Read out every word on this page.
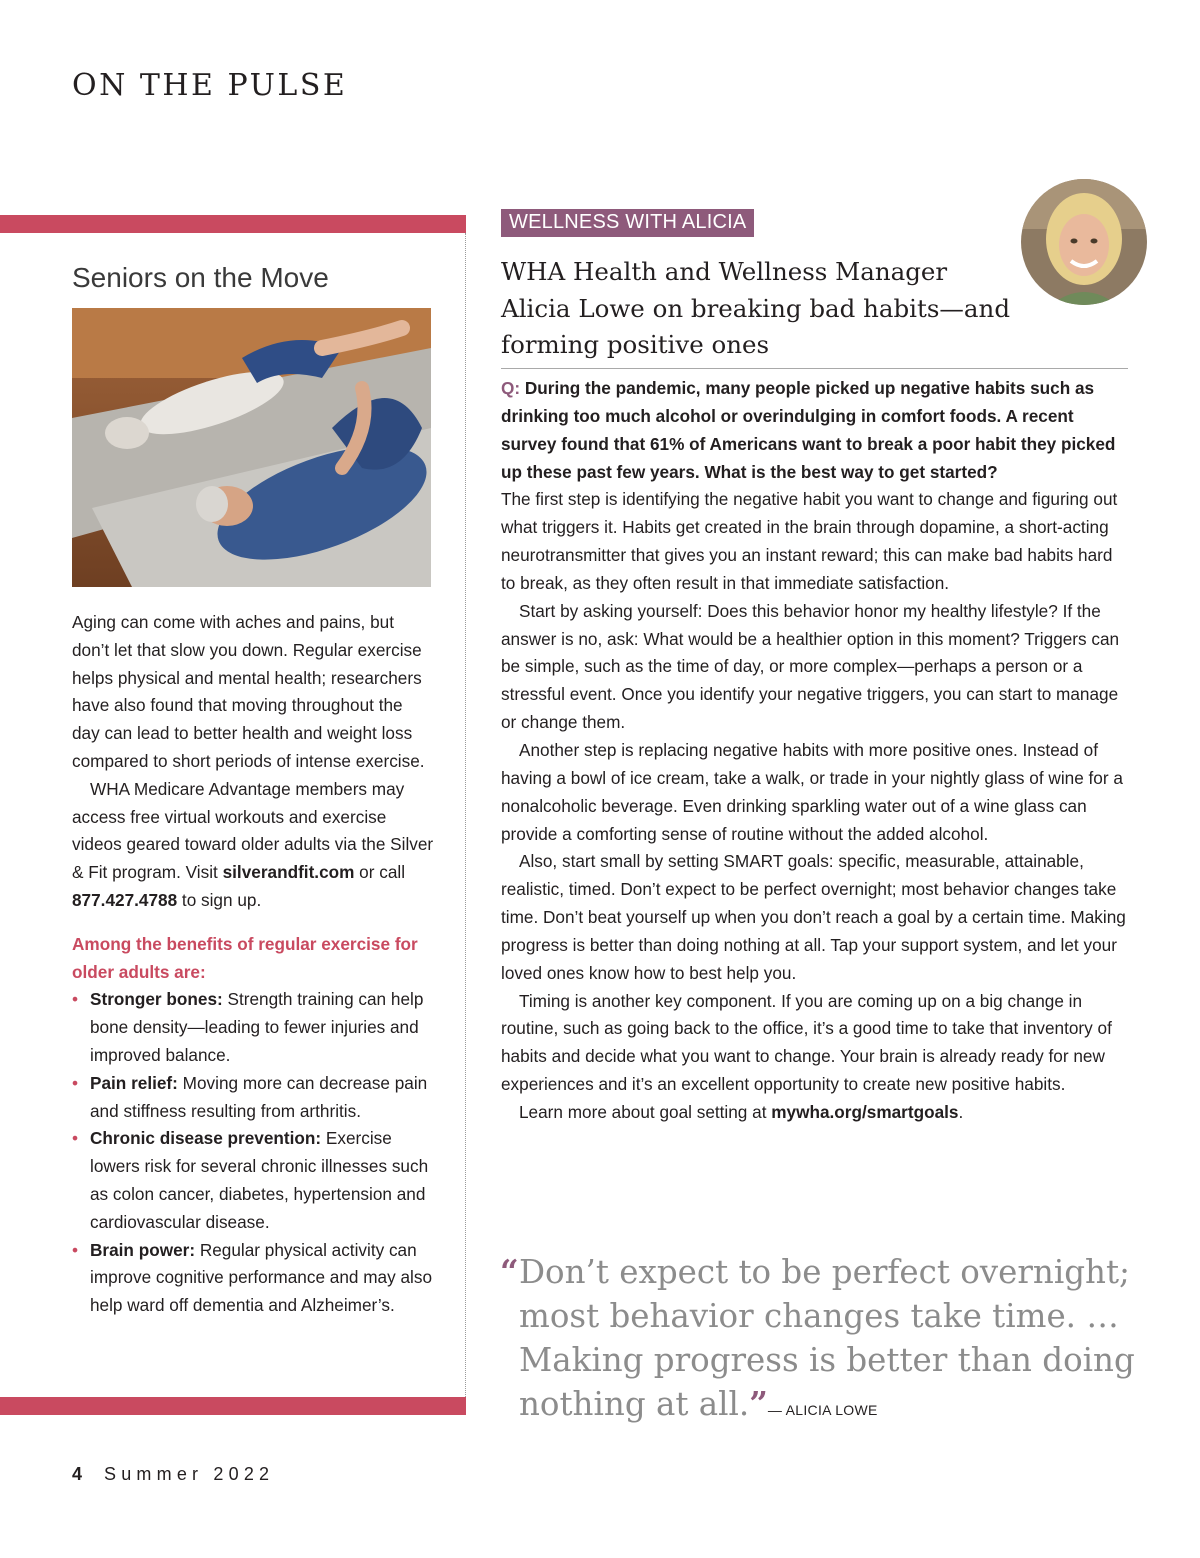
ON THE PULSE
Seniors on the Move

Aging can come with aches and pains, but don’t let that slow you down. Regular exercise helps physical and mental health; researchers have also found that moving throughout the day can lead to better health and weight loss compared to short periods of intense exercise.

WHA Medicare Advantage members may access free virtual workouts and exercise videos geared toward older adults via the Silver & Fit program. Visit silverandfit.com or call 877.427.4788 to sign up.

Among the benefits of regular exercise for older adults are:
• Stronger bones: Strength training can help bone density—leading to fewer injuries and improved balance.
• Pain relief: Moving more can decrease pain and stiffness resulting from arthritis.
• Chronic disease prevention: Exercise lowers risk for several chronic illnesses such as colon cancer, diabetes, hypertension and cardiovascular disease.
• Brain power: Regular physical activity can improve cognitive performance and may also help ward off dementia and Alzheimer’s.
WELLNESS WITH ALICIA
WHA Health and Wellness Manager Alicia Lowe on breaking bad habits—and forming positive ones

Q: During the pandemic, many people picked up negative habits such as drinking too much alcohol or overindulging in comfort foods. A recent survey found that 61% of Americans want to break a poor habit they picked up these past few years. What is the best way to get started?

The first step is identifying the negative habit you want to change and figuring out what triggers it. Habits get created in the brain through dopamine, a short-acting neurotransmitter that gives you an instant reward; this can make bad habits hard to break, as they often result in that immediate satisfaction.

Start by asking yourself: Does this behavior honor my healthy lifestyle? If the answer is no, ask: What would be a healthier option in this moment? Triggers can be simple, such as the time of day, or more complex—perhaps a person or a stressful event. Once you identify your negative triggers, you can start to manage or change them.

Another step is replacing negative habits with more positive ones. Instead of having a bowl of ice cream, take a walk, or trade in your nightly glass of wine for a nonalcoholic beverage. Even drinking sparkling water out of a wine glass can provide a comforting sense of routine without the added alcohol.

Also, start small by setting SMART goals: specific, measurable, attainable, realistic, timed. Don’t expect to be perfect overnight; most behavior changes take time. Don’t beat yourself up when you don’t reach a goal by a certain time. Making progress is better than doing nothing at all. Tap your support system, and let your loved ones know how to best help you.

Timing is another key component. If you are coming up on a big change in routine, such as going back to the office, it’s a good time to take that inventory of habits and decide what you want to change. Your brain is already ready for new experiences and it’s an excellent opportunity to create new positive habits.

Learn more about goal setting at mywha.org/smartgoals.

“ Don’t expect to be perfect overnight;
most behavior changes take time. …
Making progress is better than doing
nothing at all.”— ALICIA LOWE
4 Summer 2022
